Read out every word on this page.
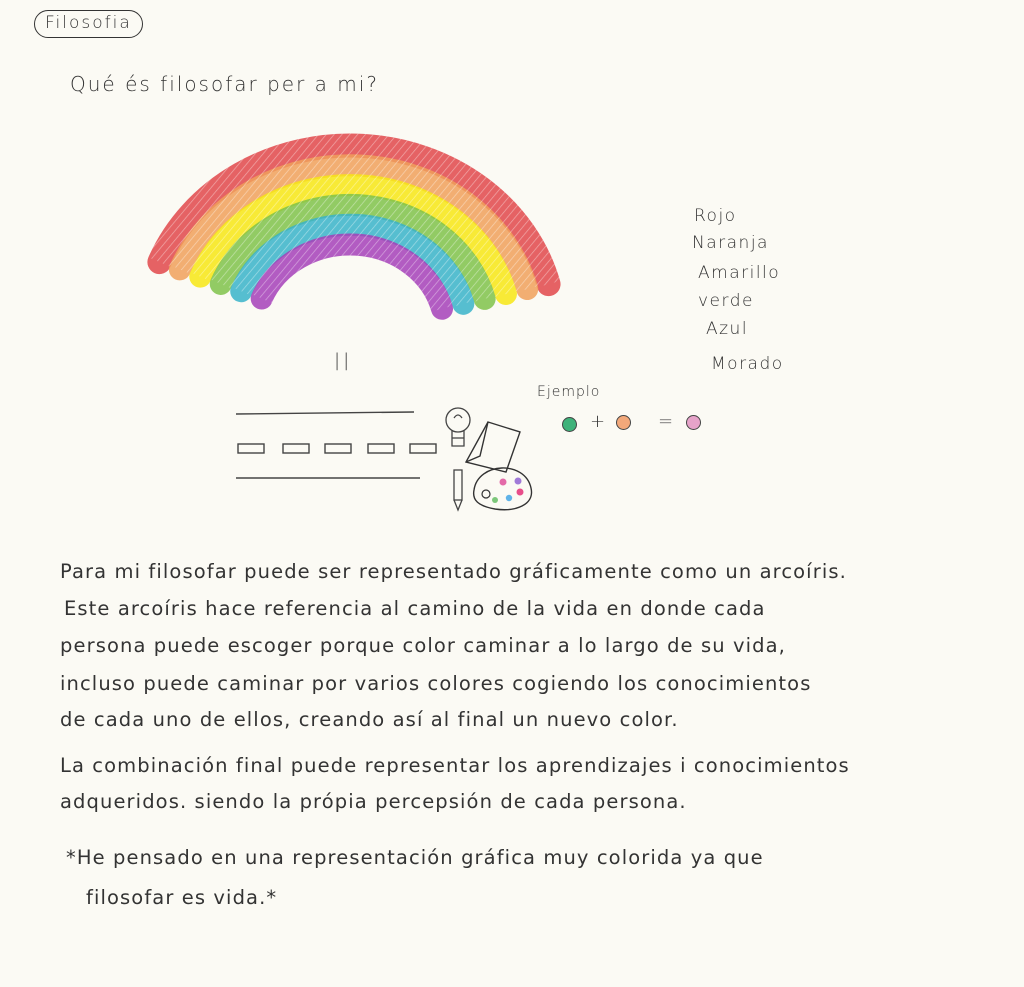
Filosofia
Qué és filosofar per a mi?
Rojo
Naranja
Amarillo
verde
Azul
Morado
||
Ejemplo
+	=
Para mi filosofar puede ser representado gráficamente como un arcoíris.
Este arcoíris hace referencia al camino de la vida en donde cada
persona puede escoger porque color caminar a lo largo de su vida,
incluso puede caminar por varios colores cogiendo los conocimientos
de cada uno de ellos, creando así al final un nuevo color.
La combinación final puede representar los aprendizajes i conocimientos
adqueridos. siendo la própia percepsión de cada persona.
*He pensado en una representación gráfica muy colorida ya que
filosofar es vida.*
